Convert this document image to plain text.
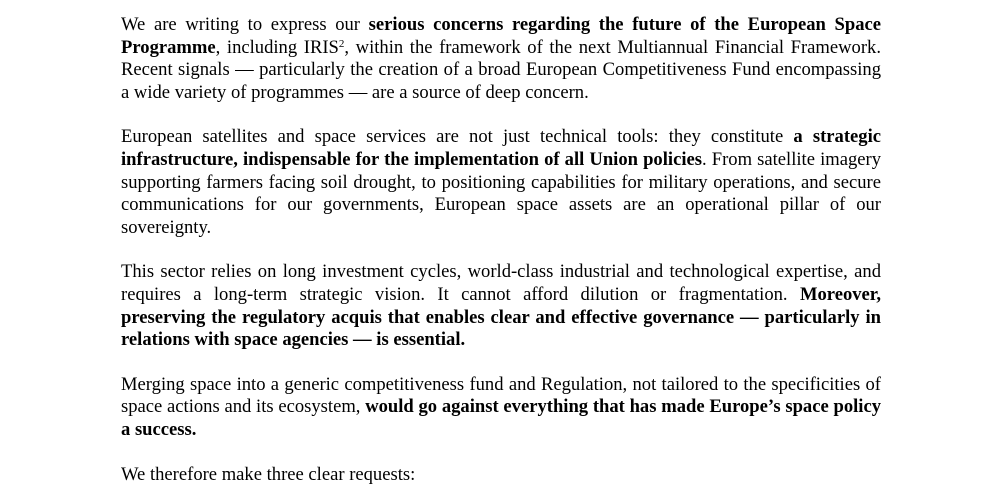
We are writing to express our serious concerns regarding the future of the European Space Programme, including IRIS$^2$, within the framework of the next Multiannual Financial Framework. Recent signals — particularly the creation of a broad European Competitiveness Fund encompassing a wide variety of programmes — are a source of deep concern.

European satellites and space services are not just technical tools: they constitute a strategic infrastructure, indispensable for the implementation of all Union policies. From satellite imagery supporting farmers facing soil drought, to positioning capabilities for military operations, and secure communications for our governments, European space assets are an operational pillar of our sovereignty.

This sector relies on long investment cycles, world-class industrial and technological expertise, and requires a long-term strategic vision. It cannot afford dilution or fragmentation. Moreover, preserving the regulatory acquis that enables clear and effective governance — particularly in relations with space agencies — is essential.

Merging space into a generic competitiveness fund and Regulation, not tailored to the specificities of space actions and its ecosystem, would go against everything that has made Europe’s space policy a success.

We therefore make three clear requests:
